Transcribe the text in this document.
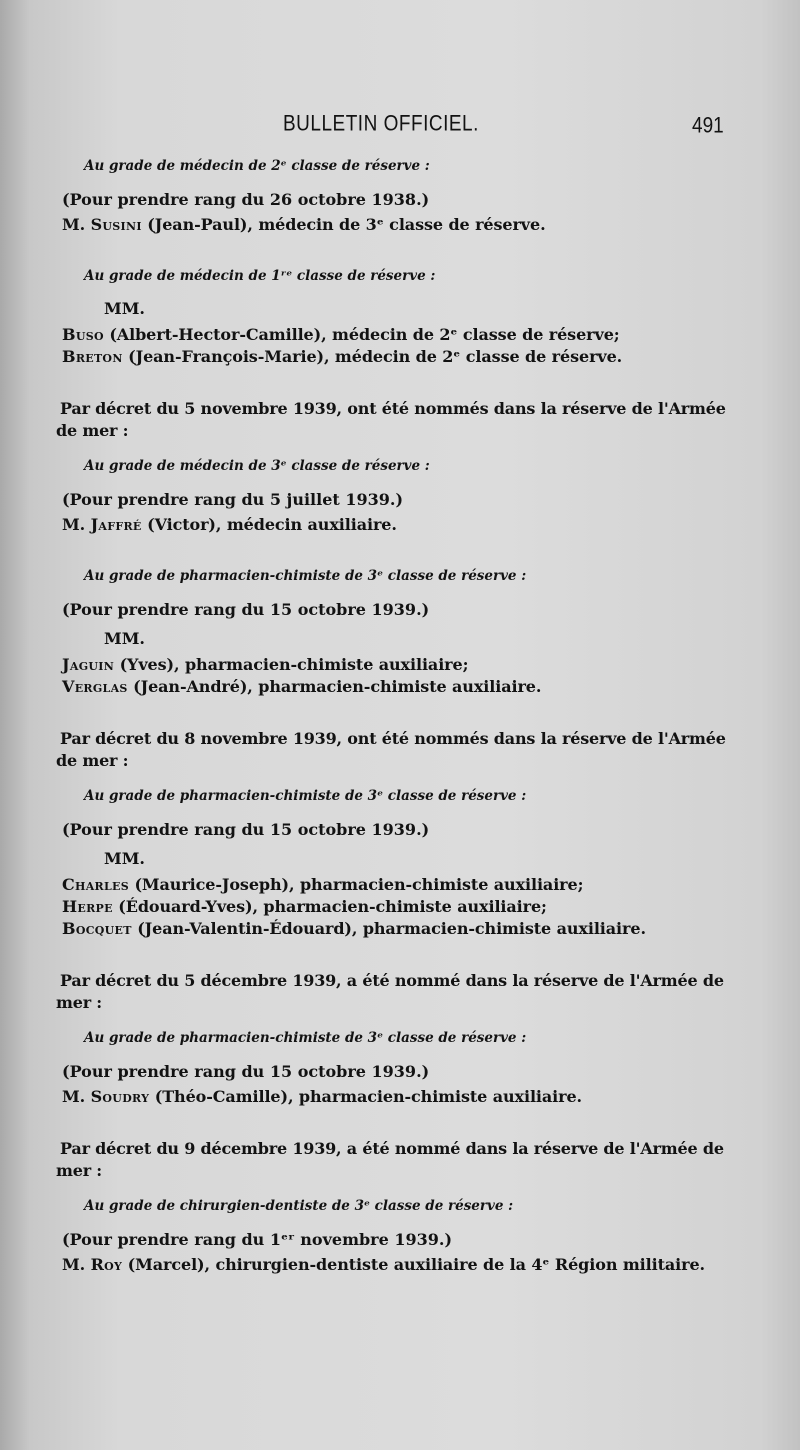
BULLETIN OFFICIEL.	491
Au grade de médecin de 2ᵉ classe de réserve :
(Pour prendre rang du 26 octobre 1938.)
M. Susini (Jean-Paul), médecin de 3ᵉ classe de réserve.
Au grade de médecin de 1ʳᵉ classe de réserve :
MM.
Buso (Albert-Hector-Camille), médecin de 2ᵉ classe de réserve;
Breton (Jean-François-Marie), médecin de 2ᵉ classe de réserve.
Par décret du 5 novembre 1939, ont été nommés dans la réserve de l'Armée de mer :
Au grade de médecin de 3ᵉ classe de réserve :
(Pour prendre rang du 5 juillet 1939.)
M. Jaffré (Victor), médecin auxiliaire.
Au grade de pharmacien-chimiste de 3ᵉ classe de réserve :
(Pour prendre rang du 15 octobre 1939.)
MM.
Jaguin (Yves), pharmacien-chimiste auxiliaire;
Verglas (Jean-André), pharmacien-chimiste auxiliaire.
Par décret du 8 novembre 1939, ont été nommés dans la réserve de l'Armée de mer :
Au grade de pharmacien-chimiste de 3ᵉ classe de réserve :
(Pour prendre rang du 15 octobre 1939.)
MM.
Charles (Maurice-Joseph), pharmacien-chimiste auxiliaire;
Herpe (Édouard-Yves), pharmacien-chimiste auxiliaire;
Bocquet (Jean-Valentin-Édouard), pharmacien-chimiste auxiliaire.
Par décret du 5 décembre 1939, a été nommé dans la réserve de l'Armée de mer :
Au grade de pharmacien-chimiste de 3ᵉ classe de réserve :
(Pour prendre rang du 15 octobre 1939.)
M. Soudry (Théo-Camille), pharmacien-chimiste auxiliaire.
Par décret du 9 décembre 1939, a été nommé dans la réserve de l'Armée de mer :
Au grade de chirurgien-dentiste de 3ᵉ classe de réserve :
(Pour prendre rang du 1ᵉʳ novembre 1939.)
M. Roy (Marcel), chirurgien-dentiste auxiliaire de la 4ᵉ Région militaire.
